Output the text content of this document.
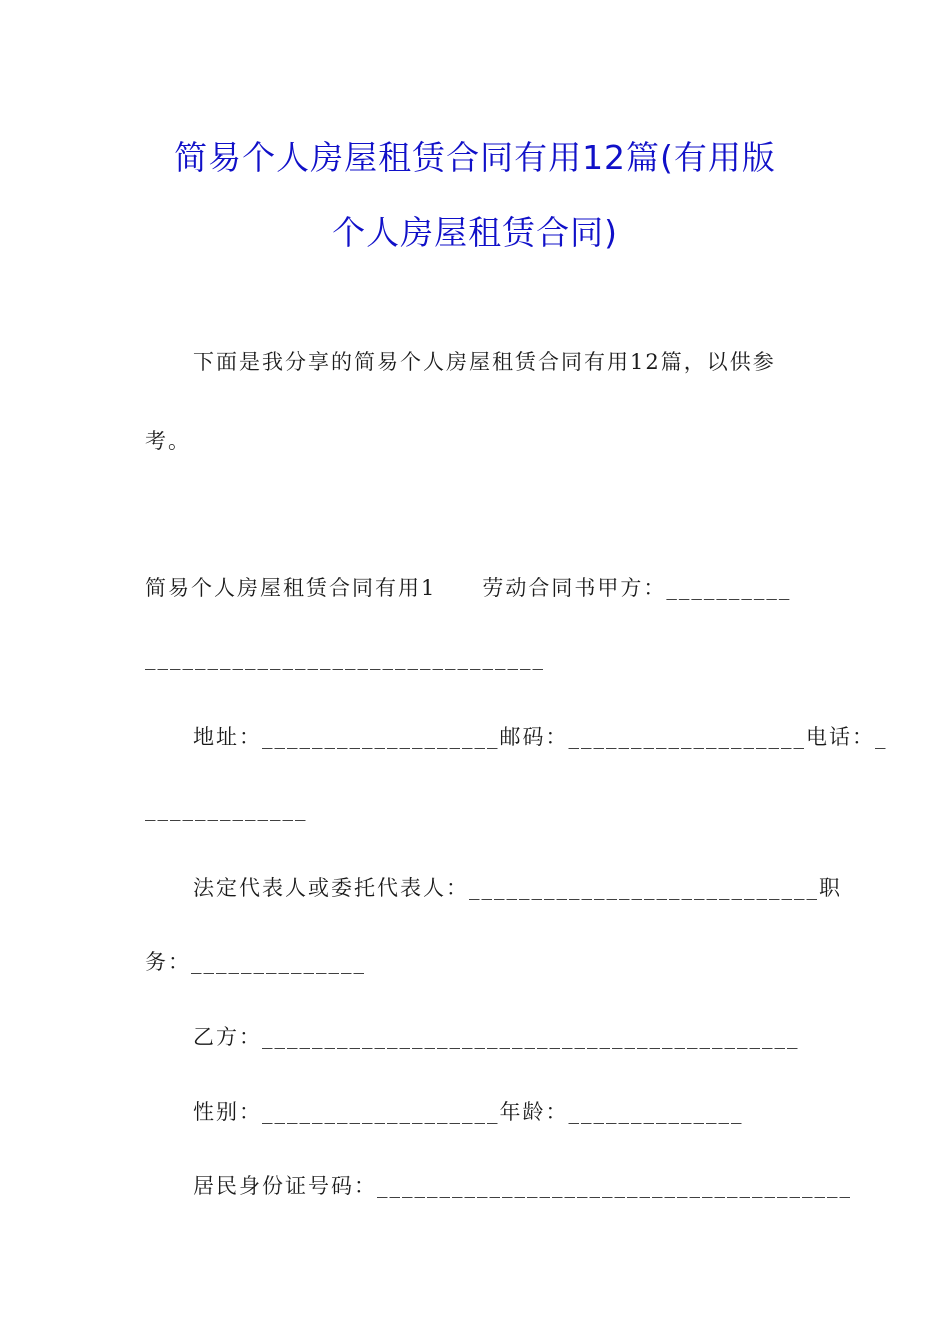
简易个人房屋租赁合同有用12篇(有用版
个人房屋租赁合同)

下面是我分享的简易个人房屋租赁合同有用12篇，以供参

考。

简易个人房屋租赁合同有用1　　劳动合同书甲方：__________

________________________________

地址：___________________邮码：___________________电话：_

_____________

法定代表人或委托代表人：____________________________职

务：______________

乙方：___________________________________________

性别：___________________年龄：______________

居民身份证号码：______________________________________
